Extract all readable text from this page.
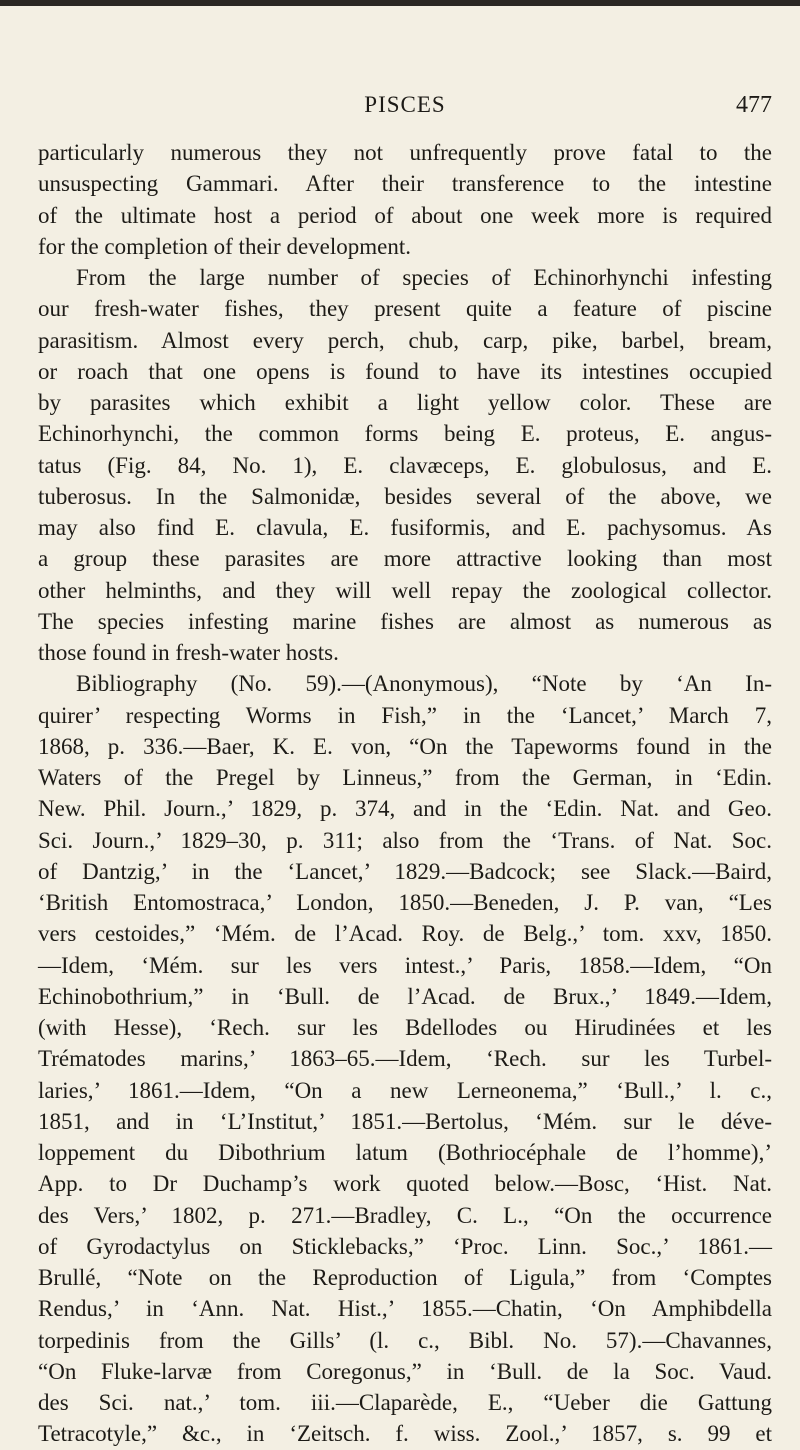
PISCES	477
particularly numerous they not unfrequently prove fatal to the
unsuspecting Gammari. After their transference to the intestine
of the ultimate host a period of about one week more is required
for the completion of their development.
From the large number of species of Echinorhynchi infesting
our fresh-water fishes, they present quite a feature of piscine
parasitism. Almost every perch, chub, carp, pike, barbel, bream,
or roach that one opens is found to have its intestines occupied
by parasites which exhibit a light yellow color. These are
Echinorhynchi, the common forms being E. proteus, E. angus-
tatus (Fig. 84, No. 1), E. clavæceps, E. globulosus, and E.
tuberosus. In the Salmonidæ, besides several of the above, we
may also find E. clavula, E. fusiformis, and E. pachysomus. As
a group these parasites are more attractive looking than most
other helminths, and they will well repay the zoological collector.
The species infesting marine fishes are almost as numerous as
those found in fresh-water hosts.
Bibliography (No. 59).—(Anonymous), “Note by ‘An In-
quirer’ respecting Worms in Fish,” in the ‘Lancet,’ March 7,
1868, p. 336.—Baer, K. E. von, “On the Tapeworms found in the
Waters of the Pregel by Linneus,” from the German, in ‘Edin.
New. Phil. Journ.,’ 1829, p. 374, and in the ‘Edin. Nat. and Geo.
Sci. Journ.,’ 1829–30, p. 311; also from the ‘Trans. of Nat. Soc.
of Dantzig,’ in the ‘Lancet,’ 1829.—Badcock; see Slack.—Baird,
‘British Entomostraca,’ London, 1850.—Beneden, J. P. van, “Les
vers cestoides,” ‘Mém. de l’Acad. Roy. de Belg.,’ tom. xxv, 1850.
—Idem, ‘Mém. sur les vers intest.,’ Paris, 1858.—Idem, “On
Echinobothrium,” in ‘Bull. de l’Acad. de Brux.,’ 1849.—Idem,
(with Hesse), ‘Rech. sur les Bdellodes ou Hirudinées et les
Trématodes marins,’ 1863–65.—Idem, ‘Rech. sur les Turbel-
laries,’ 1861.—Idem, “On a new Lerneonema,” ‘Bull.,’ l. c.,
1851, and in ‘L’Institut,’ 1851.—Bertolus, ‘Mém. sur le déve-
loppement du Dibothrium latum (Bothriocéphale de l’homme),’
App. to Dr Duchamp’s work quoted below.—Bosc, ‘Hist. Nat.
des Vers,’ 1802, p. 271.—Bradley, C. L., “On the occurrence
of Gyrodactylus on Sticklebacks,” ‘Proc. Linn. Soc.,’ 1861.—
Brullé, “Note on the Reproduction of Ligula,” from ‘Comptes
Rendus,’ in ‘Ann. Nat. Hist.,’ 1855.—Chatin, ‘On Amphibdella
torpedinis from the Gills’ (l. c., Bibl. No. 57).—Chavannes,
“On Fluke-larvæ from Coregonus,” in ‘Bull. de la Soc. Vaud.
des Sci. nat.,’ tom. iii.—Claparède, E., “Ueber die Gattung
Tetracotyle,” &c., in ‘Zeitsch. f. wiss. Zool.,’ 1857, s. 99 et
